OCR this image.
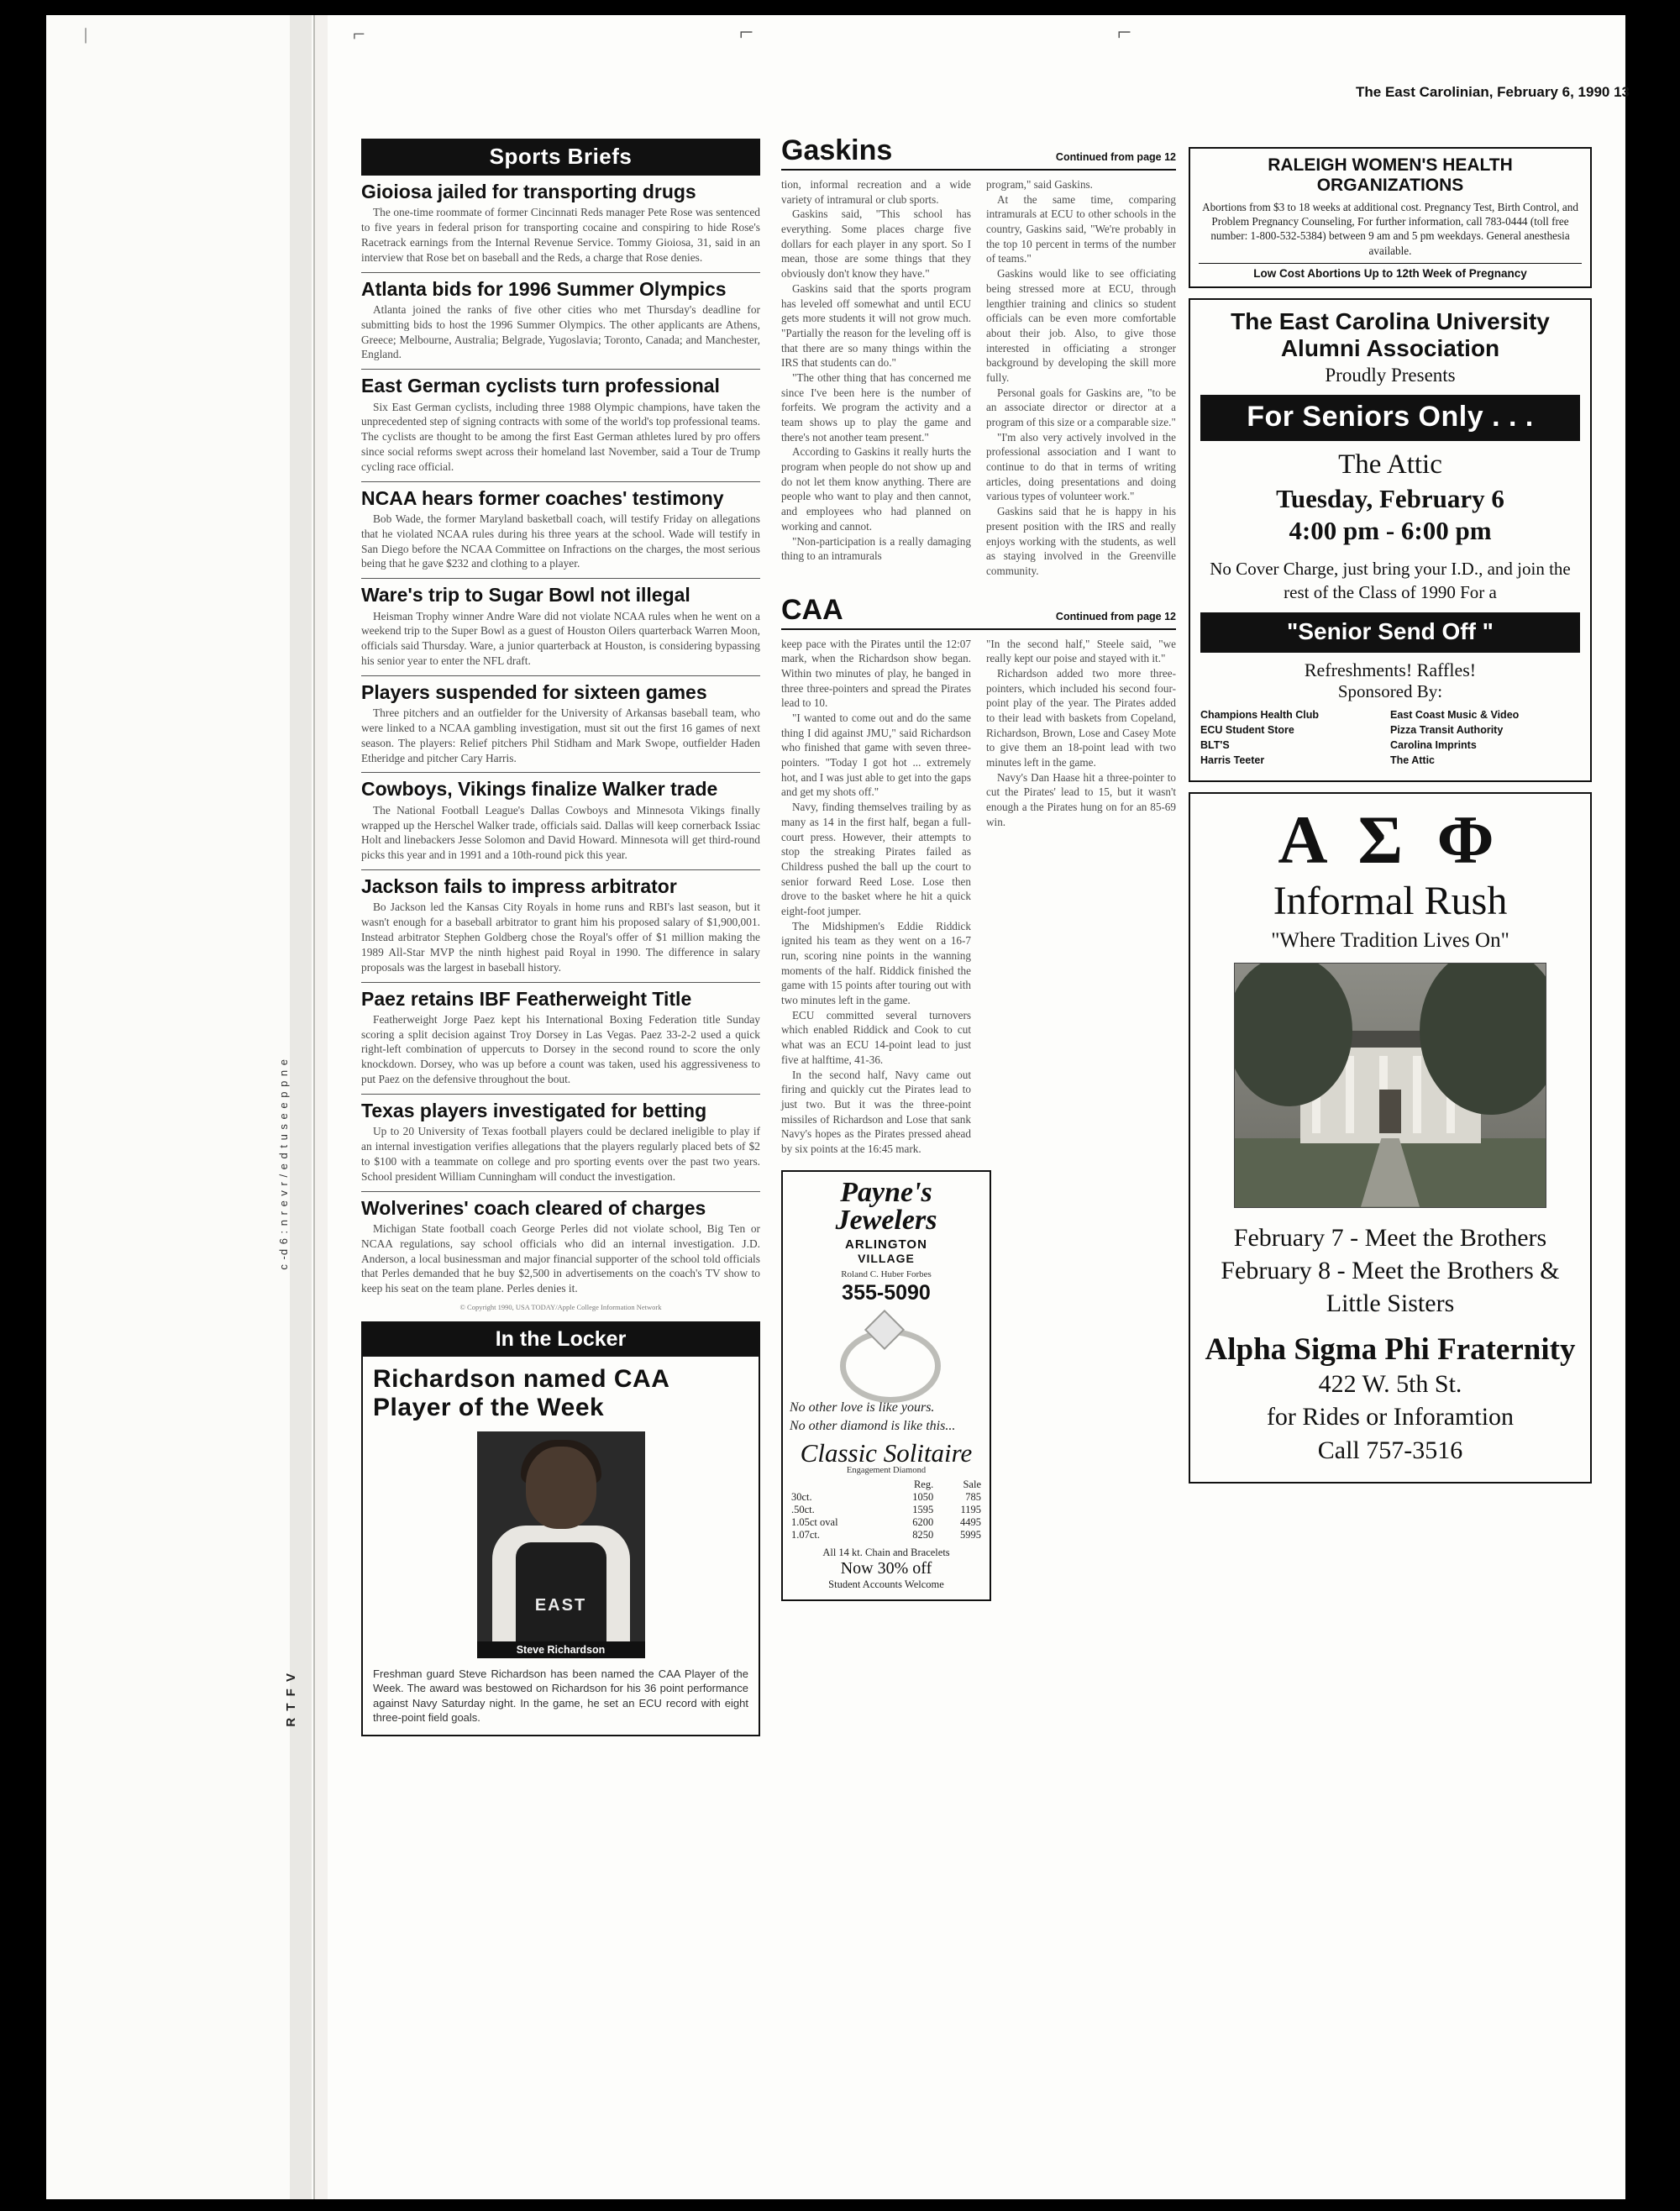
|	⌐	⌐	⌐
c -d 6 : n r e v r / e d t u s e e p p n e
R T F V
The East Carolinian, February 6, 1990 13
Sports Briefs
Gioiosa jailed for transporting drugs

The one-time roommate of former Cincinnati Reds manager Pete Rose was sentenced to five years in federal prison for transporting cocaine and conspiring to hide Rose's Racetrack earnings from the Internal Revenue Service. Tommy Gioiosa, 31, said in an interview that Rose bet on baseball and the Reds, a charge that Rose denies.

Atlanta bids for 1996 Summer Olympics

Atlanta joined the ranks of five other cities who met Thursday's deadline for submitting bids to host the 1996 Summer Olympics. The other applicants are Athens, Greece; Melbourne, Australia; Belgrade, Yugoslavia; Toronto, Canada; and Manchester, England.

East German cyclists turn professional

Six East German cyclists, including three 1988 Olympic champions, have taken the unprecedented step of signing contracts with some of the world's top professional teams. The cyclists are thought to be among the first East German athletes lured by pro offers since social reforms swept across their homeland last November, said a Tour de Trump cycling race official.

NCAA hears former coaches' testimony

Bob Wade, the former Maryland basketball coach, will testify Friday on allegations that he violated NCAA rules during his three years at the school. Wade will testify in San Diego before the NCAA Committee on Infractions on the charges, the most serious being that he gave $232 and clothing to a player.

Ware's trip to Sugar Bowl not illegal

Heisman Trophy winner Andre Ware did not violate NCAA rules when he went on a weekend trip to the Super Bowl as a guest of Houston Oilers quarterback Warren Moon, officials said Thursday. Ware, a junior quarterback at Houston, is considering bypassing his senior year to enter the NFL draft.

Players suspended for sixteen games

Three pitchers and an outfielder for the University of Arkansas baseball team, who were linked to a NCAA gambling investigation, must sit out the first 16 games of next season. The players: Relief pitchers Phil Stidham and Mark Swope, outfielder Haden Etheridge and pitcher Cary Harris.

Cowboys, Vikings finalize Walker trade

The National Football League's Dallas Cowboys and Minnesota Vikings finally wrapped up the Herschel Walker trade, officials said. Dallas will keep cornerback Issiac Holt and linebackers Jesse Solomon and David Howard. Minnesota will get third-round picks this year and in 1991 and a 10th-round pick this year.

Jackson fails to impress arbitrator

Bo Jackson led the Kansas City Royals in home runs and RBI's last season, but it wasn't enough for a baseball arbitrator to grant him his proposed salary of $1,900,001. Instead arbitrator Stephen Goldberg chose the Royal's offer of $1 million making the 1989 All-Star MVP the ninth highest paid Royal in 1990. The difference in salary proposals was the largest in baseball history.

Paez retains IBF Featherweight Title

Featherweight Jorge Paez kept his International Boxing Federation title Sunday scoring a split decision against Troy Dorsey in Las Vegas. Paez 33-2-2 used a quick right-left combination of uppercuts to Dorsey in the second round to score the only knockdown. Dorsey, who was up before a count was taken, used his aggressiveness to put Paez on the defensive throughout the bout.

Texas players investigated for betting

Up to 20 University of Texas football players could be declared ineligible to play if an internal investigation verifies allegations that the players regularly placed bets of $2 to $100 with a teammate on college and pro sporting events over the past two years. School president William Cunningham will conduct the investigation.

Wolverines' coach cleared of charges

Michigan State football coach George Perles did not violate school, Big Ten or NCAA regulations, say school officials who did an internal investigation. J.D. Anderson, a local businessman and major financial supporter of the school told officials that Perles demanded that he buy $2,500 in advertisements on the coach's TV show to keep his seat on the team plane. Perles denies it.

© Copyright 1990, USA TODAY/Apple College Information Network
In the Locker
Richardson named CAA Player of the Week
EAST
Steve Richardson
Freshman guard Steve Richardson has been named the CAA Player of the Week. The award was bestowed on Richardson for his 36 point performance against Navy Saturday night. In the game, he set an ECU record with eight three-point field goals.
Gaskins	Continued from page 12

tion, informal recreation and a wide variety of intramural or club sports.

Gaskins said, "This school has everything. Some places charge five dollars for each player in any sport. So I mean, those are some things that they obviously don't know they have."

Gaskins said that the sports program has leveled off somewhat and until ECU gets more students it will not grow much. "Partially the reason for the leveling off is that there are so many things within the IRS that students can do."

"The other thing that has concerned me since I've been here is the number of forfeits. We program the activity and a team shows up to play the game and there's not another team present."

According to Gaskins it really hurts the program when people do not show up and do not let them know anything. There are people who want to play and then cannot, and employees who had planned on working and cannot.

"Non-participation is a really damaging thing to an intramurals

program," said Gaskins.

At the same time, comparing intramurals at ECU to other schools in the country, Gaskins said, "We're probably in the top 10 percent in terms of the number of teams."

Gaskins would like to see officiating being stressed more at ECU, through lengthier training and clinics so student officials can be even more comfortable about their job. Also, to give those interested in officiating a stronger background by developing the skill more fully.

Personal goals for Gaskins are, "to be an associate director or director at a program of this size or a comparable size."

"I'm also very actively involved in the professional association and I want to continue to do that in terms of writing articles, doing presentations and doing various types of volunteer work."

Gaskins said that he is happy in his present position with the IRS and really enjoys working with the students, as well as staying involved in the Greenville community.

CAA	Continued from page 12

keep pace with the Pirates until the 12:07 mark, when the Richardson show began. Within two minutes of play, he banged in three three-pointers and spread the Pirates lead to 10.

"I wanted to come out and do the same thing I did against JMU," said Richardson who finished that game with seven three-pointers. "Today I got hot ... extremely hot, and I was just able to get into the gaps and get my shots off."

Navy, finding themselves trailing by as many as 14 in the first half, began a full-court press. However, their attempts to stop the streaking Pirates failed as Childress pushed the ball up the court to senior forward Reed Lose. Lose then drove to the basket where he hit a quick eight-foot jumper.

The Midshipmen's Eddie Riddick ignited his team as they went on a 16-7 run, scoring nine points in the wanning moments of the half. Riddick finished the game with 15 points after touring out with two minutes left in the game.

ECU committed several turnovers which enabled Riddick and Cook to cut what was an ECU 14-point lead to just five at halftime, 41-36.

In the second half, Navy came out firing and quickly cut the Pirates lead to just two. But it was the three-point missiles of Richardson and Lose that sank Navy's hopes as the Pirates pressed ahead by six points at the 16:45 mark.

"In the second half," Steele said, "we really kept our poise and stayed with it."

Richardson added two more three-pointers, which included his second four-point play of the year. The Pirates added to their lead with baskets from Copeland, Richardson, Brown, Lose and Casey Mote to give them an 18-point lead with two minutes left in the game.

Navy's Dan Haase hit a three-pointer to cut the Pirates' lead to 15, but it wasn't enough a the Pirates hung on for an 85-69 win.

Payne's Jewelers
ARLINGTON
VILLAGE
Roland C. Huber Forbes
355-5090
No other love is like yours.
No other diamond is like this...
Classic Solitaire
Engagement Diamond
	Reg.	Sale
30ct.	1050	785
.50ct.	1595	1195
1.05ct oval	6200	4495
1.07ct.	8250	5995
All 14 kt. Chain and Bracelets
Now 30% off
Student Accounts Welcome
RALEIGH WOMEN'S HEALTH
ORGANIZATIONS
Abortions from $3 to 18 weeks at additional cost. Pregnancy Test, Birth Control, and Problem Pregnancy Counseling, For further information, call 783-0444 (toll free number: 1-800-532-5384) between 9 am and 5 pm weekdays. General anesthesia available.
Low Cost Abortions Up to 12th Week of Pregnancy
The East Carolina University
Alumni Association
Proudly Presents
For Seniors Only . . .
The Attic
Tuesday, February 6
4:00 pm - 6:00 pm
No Cover Charge, just bring your I.D., and join the rest of the Class of 1990 For a
"Senior Send Off "
Refreshments! Raffles!
Sponsored By:
Champions Health Club
ECU Student Store
BLT'S
Harris Teeter
East Coast Music & Video
Pizza Transit Authority
Carolina Imprints
The Attic
Α Σ Φ
Informal Rush
"Where Tradition Lives On"
February 7 - Meet the Brothers
February 8 - Meet the Brothers &
Little Sisters
Alpha Sigma Phi Fraternity
422 W. 5th St.
for Rides or Inforamtion
Call 757-3516
